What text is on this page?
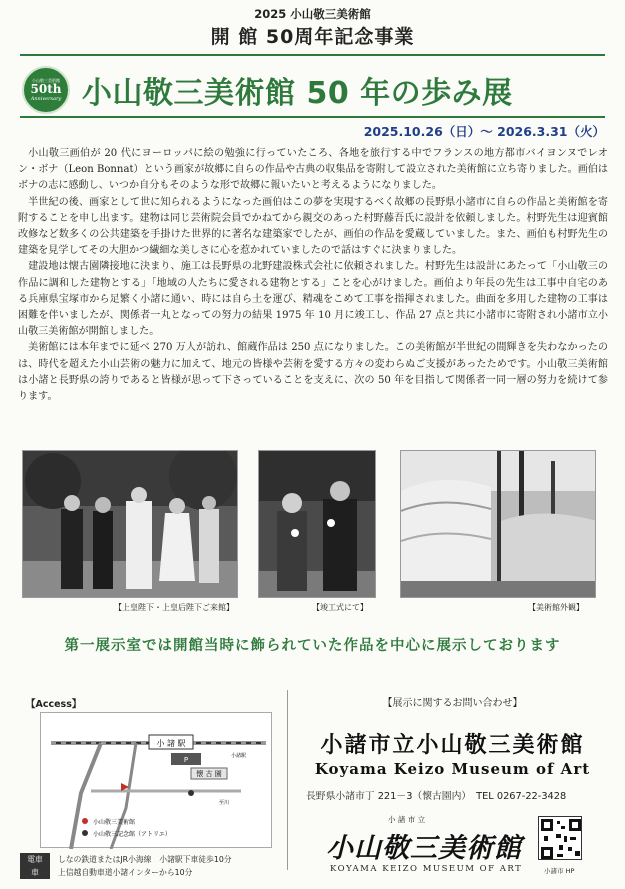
2025 小山敬三美術館
開 館 50周年記念事業
小山敬三美術館
50th
Anniversary 小山敬三美術館 50 年の歩み展
2025.10.26（日）～ 2026.3.31（火）

小山敬三画伯が 20 代にヨーロッパに絵の勉強に行っていたころ、各地を旅行する中でフランスの地方都市バイヨンヌでレオン・ボナ（Leon Bonnat）という画家が故郷に自らの作品や古典の収集品を寄附して設立された美術館に立ち寄りました。画伯はボナの志に感動し、いつか自分もそのような形で故郷に報いたいと考えるようになりました。

半世紀の後、画家として世に知られるようになった画伯はこの夢を実現するべく故郷の長野県小諸市に自らの作品と美術館を寄附することを申し出ます。建物は同じ芸術院会員でかねてから親交のあった村野藤吾氏に設計を依頼しました。村野先生は迎賓館改修など数多くの公共建築を手掛けた世界的に著名な建築家でしたが、画伯の作品を愛蔵していました。また、画伯も村野先生の建築を見学してその大胆かつ繊細な美しさに心を惹かれていましたので話はすぐに決まりました。

建設地は懐古園隣接地に決まり、施工は長野県の北野建設株式会社に依頼されました。村野先生は設計にあたって「小山敬三の作品に調和した建物とする」「地域の人たちに愛される建物とする」ことを心がけました。画伯より年長の先生は工事中自宅のある兵庫県宝塚市から足繁く小諸に通い、時には自ら土を運び、精魂をこめて工事を指揮されました。曲面を多用した建物の工事は困難を伴いましたが、関係者一丸となっての努力の結果 1975 年 10 月に竣工し、作品 27 点と共に小諸市に寄附され小諸市立小山敬三美術館が開館しました。

美術館には本年までに延べ 270 万人が訪れ、館蔵作品は 250 点になりました。この美術館が半世紀の間輝きを失わなかったのは、時代を超えた小山芸術の魅力に加えて、地元の皆様や芸術を愛する方々の変わらぬご支援があったためです。小山敬三美術館は小諸と長野県の誇りであると皆様が思って下さっていることを支えに、次の 50 年を目指して関係者一同一層の努力を続けて参ります。

【上皇陛下・上皇后陛下ご来館】	【竣工式にて】	【美術館外観】
第一展示室では開館当時に飾られていた作品を中心に展示しております
【Access】
小 諸 駅
P
懐 古 園
小諸駅
至川
小山敬三美術館
小山敬三記念館（アトリエ）
電車	しなの鉄道またはJR小海線　小諸駅下車徒歩10分
車	上信越自動車道小諸インターから10分
【展示に関するお問い合わせ】
小諸市立小山敬三美術館
Koyama Keizo Museum of Art
長野県小諸市丁 221－3（懐古園内）　TEL 0267-22-3428
小 諸 市 立
小山敬三美術館
KOYAMA KEIZO MUSEUM OF ART	小諸市 HP
